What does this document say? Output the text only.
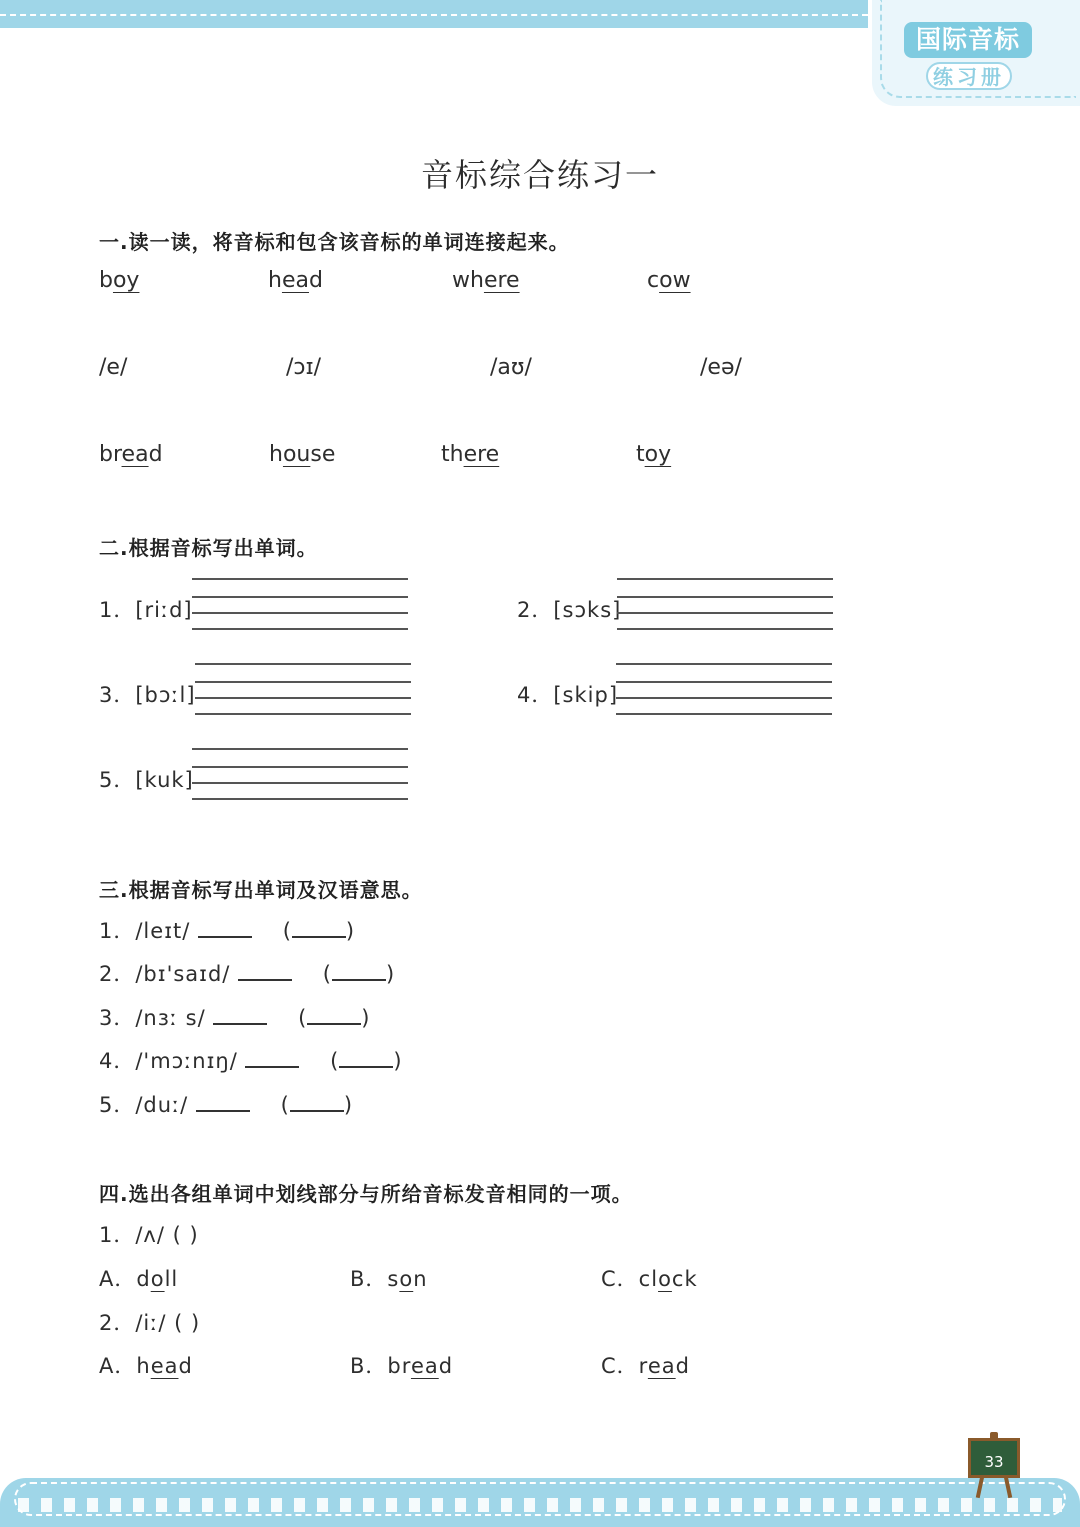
国际音标
练习册
音标综合练习一
一.读一读，将音标和包含该音标的单词连接起来。
boy	head	where	cow
/e/	/ɔɪ/	/aʊ/	/eə/
bread	house	there	toy
二.根据音标写出单词。
1．[riːd]	2．[sɔks]
3．[bɔːl]	4．[skip]
5．[kuk]
三.根据音标写出单词及汉语意思。
1．/leɪt/	(	)
2．/bɪ'saɪd/	(	)
3．/nɜː s/	(	)
4．/'mɔːnɪŋ/	(	)
5．/duː/	(	)
四.选出各组单词中划线部分与所给音标发音相同的一项。
1．/ʌ/ ( )
A．doll	B．son	C．clock
2．/iː/ ( )
A．head	B．bread	C．read
33
